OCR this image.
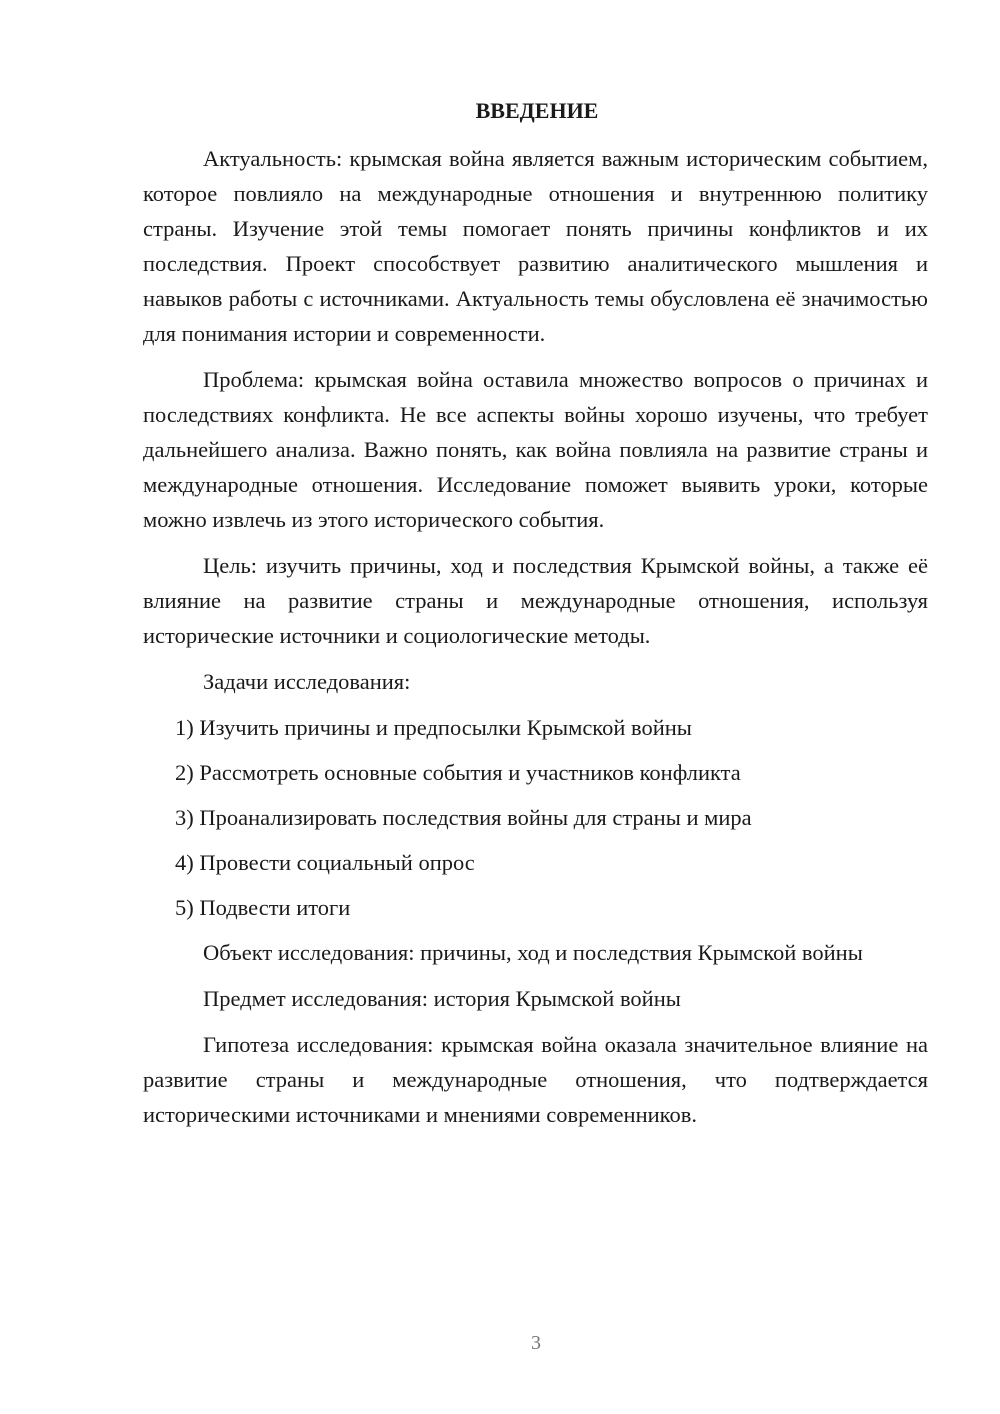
ВВЕДЕНИЕ

Актуальность: крымская война является важным историческим событием, которое повлияло на международные отношения и внутреннюю политику страны. Изучение этой темы помогает понять причины конфликтов и их последствия. Проект способствует развитию аналитического мышления и навыков работы с источниками. Актуальность темы обусловлена её значимостью для понимания истории и современности.

Проблема: крымская война оставила множество вопросов о причинах и последствиях конфликта. Не все аспекты войны хорошо изучены, что требует дальнейшего анализа. Важно понять, как война повлияла на развитие страны и международные отношения. Исследование поможет выявить уроки, которые можно извлечь из этого исторического события.

Цель: изучить причины, ход и последствия Крымской войны, а также её влияние на развитие страны и международные отношения, используя исторические источники и социологические методы.

Задачи исследования:

1) Изучить причины и предпосылки Крымской войны
2) Рассмотреть основные события и участников конфликта
3) Проанализировать последствия войны для страны и мира
4) Провести социальный опрос
5) Подвести итоги

Объект исследования: причины, ход и последствия Крымской войны

Предмет исследования: история Крымской войны

Гипотеза исследования: крымская война оказала значительное влияние на развитие страны и международные отношения, что подтверждается историческими источниками и мнениями современников.

3
